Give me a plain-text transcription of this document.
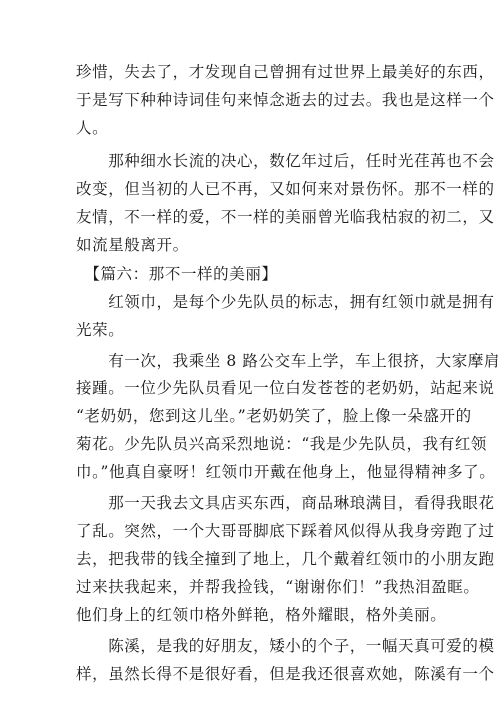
珍惜，失去了，才发现自己曾拥有过世界上最美好的东西，
于是写下种种诗词佳句来悼念逝去的过去。我也是这样一个
人。
　　那种细水长流的决心，数亿年过后，任时光荏苒也不会
改变，但当初的人已不再，又如何来对景伤怀。那不一样的
友情，不一样的爱，不一样的美丽曾光临我枯寂的初二，又
如流星般离开。
　【篇六：那不一样的美丽】
　　红领巾，是每个少先队员的标志，拥有红领巾就是拥有
光荣。
　　有一次，我乘坐 8 路公交车上学，车上很挤，大家摩肩
接踵。一位少先队员看见一位白发苍苍的老奶奶，站起来说
“老奶奶，您到这儿坐。”老奶奶笑了，脸上像一朵盛开的
菊花。少先队员兴高采烈地说：“我是少先队员，我有红领
巾。”他真自豪呀！红领巾开戴在他身上，他显得精神多了。
　　那一天我去文具店买东西，商品琳琅满目，看得我眼花
了乱。突然，一个大哥哥脚底下踩着风似得从我身旁跑了过
去，把我带的钱全撞到了地上，几个戴着红领巾的小朋友跑
过来扶我起来，并帮我捡钱，“谢谢你们！”我热泪盈眶。
他们身上的红领巾格外鲜艳，格外耀眼，格外美丽。
　　陈溪，是我的好朋友，矮小的个子，一幅天真可爱的模
样，虽然长得不是很好看，但是我还很喜欢她，陈溪有一个
